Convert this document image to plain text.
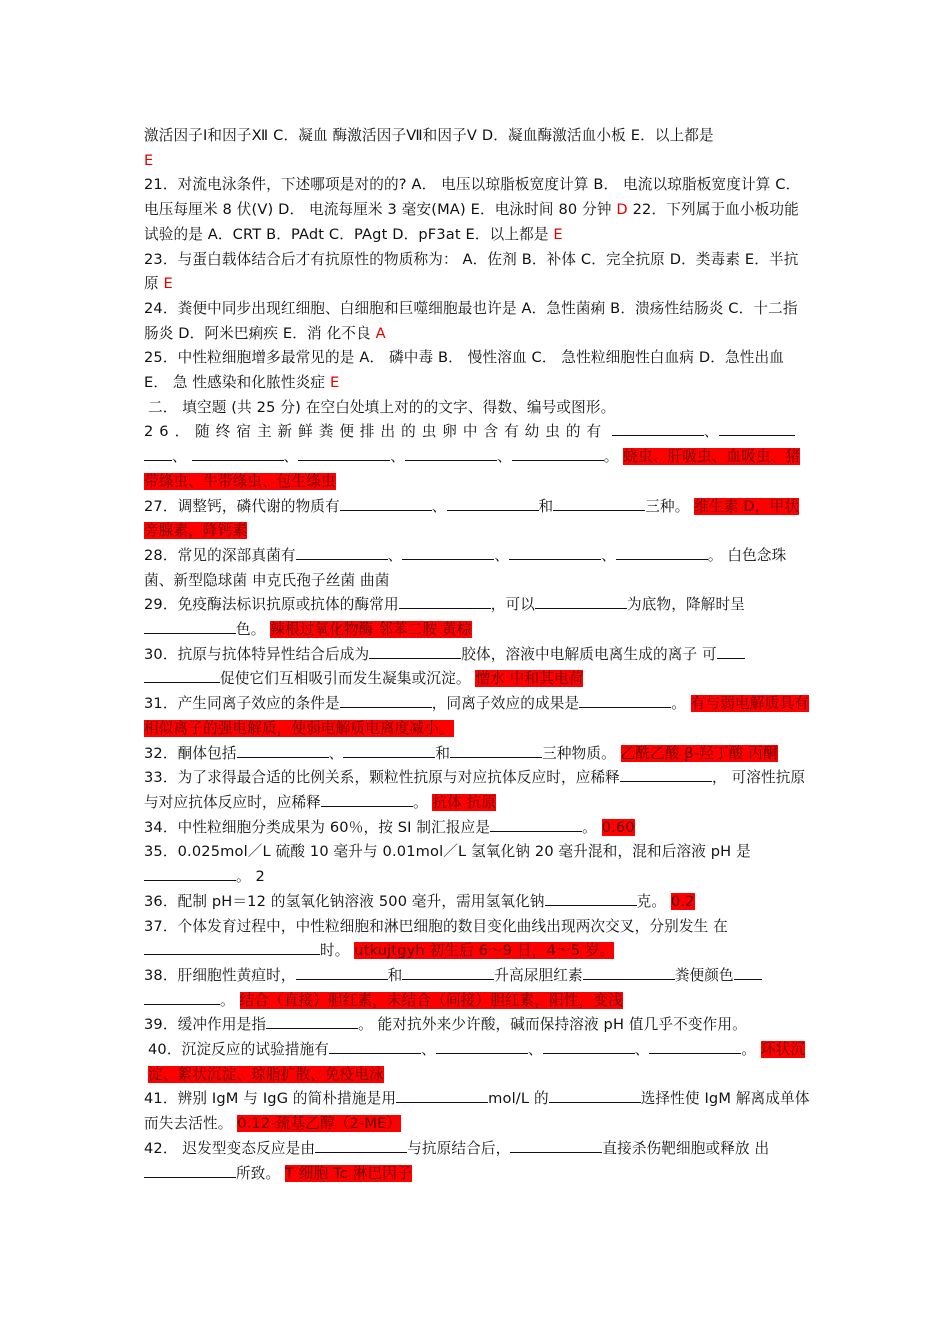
激活因子Ⅰ和因子Ⅻ C．凝血 酶激活因子Ⅶ和因子Ⅴ D．凝血酶激活血小板 E．以上都是
E

21．对流电泳条件，下述哪项是对的的? A． 电压以琼脂板宽度计算 B． 电流以琼脂板宽度计算 C． 电压每厘米 8 伏(V) D． 电流每厘米 3 毫安(MA) E．电泳时间 80 分钟 D 22．下列属于血小板功能试验的是 A．CRT B．PAdt C．PAgt D．pF3at E．以上都是 E

23．与蛋白载体结合后才有抗原性的物质称为： A．佐剂 B．补体 C．完全抗原 D．类毒素 E．半抗原 E

24．粪便中同步出现红细胞、白细胞和巨噬细胞最也许是 A．急性菌痢 B．溃疡性结肠炎 C．十二指肠炎 D．阿米巴痢疾 E．消 化不良 A

25．中性粒细胞增多最常见的是 A． 磷中毒 B． 慢性溶血 C． 急性粒细胞性白血病 D．急性出血 E． 急 性感染和化脓性炎症 E

二． 填空题 (共 25 分) 在空白处填上对的的文字、得数、编号或图形。

26．随终宿主新鲜粪便排出的虫卵中含有幼虫的有	、 、	、	、	、	。 蛲虫、肝吸虫、血吸虫、猪带绦虫、牛带绦虫、包生绦虫

27．调整钙，磷代谢的物质有	、	和	三种。 维生素 D，甲状旁腺素，降钙素

28．常见的深部真菌有	、	、	、	。 白色念珠菌、新型隐球菌 申克氏孢子丝菌 曲菌

29．免疫酶法标识抗原或抗体的酶常用	，可以	为底物，降解时呈 色。 辣根过氧化物酶 邻苯二胺 黄棕

30．抗原与抗体特异性结合后成为	胶体，溶液中电解质电离生成的离子 可 促使它们互相吸引而发生凝集或沉淀。 憎水 中和其电荷

31．产生同离子效应的条件是	，同离子效应的成果是	。 有与弱电解质具有相似离子的强电解质，使弱电解质电离度减小。

32．酮体包括	、	和	三种物质。 乙酰乙酸 β-羟丁酸 丙酮

33．为了求得最合适的比例关系，颗粒性抗原与对应抗体反应时，应稀释	， 可溶性抗原与对应抗体反应时，应稀释	。 抗体 抗原

34．中性粒细胞分类成果为 60％，按 SI 制汇报应是	。 0.60

35．0.025mol／L 硫酸 10 毫升与 0.01mol／L 氢氧化钠 20 毫升混和，混和后溶液 pH 是 。 2

36．配制 pH＝12 的氢氧化钠溶液 500 毫升，需用氢氧化钠	克。 0.2

37．个体发育过程中，中性粒细胞和淋巴细胞的数目变化曲线出现两次交叉，分别发生 在 时。 utkujtgyh 初生后 6～9 日，4～5 岁。

38．肝细胞性黄疸时，	和	升高尿胆红素	粪便颜色 。 结合（直接）胆红素，未结合（间接）胆红素，阳性，变浅

39．缓冲作用是指	。 能对抗外来少许酸，碱而保持溶液 pH 值几乎不变作用。

40．沉淀反应的试验措施有	、	、	、	。 环状沉淀、絮状沉淀、琼脂扩散、免疫电泳

41．辨别 IgM 与 IgG 的简朴措施是用	mol/L 的	选择性使 IgM 解离成单体而失去活性。 0.12-巯基乙醇（2-ME）

42． 迟发型变态反应是由	与抗原结合后，	直接杀伤靶细胞或释放 出所致。 T 细胞 Tc 淋巴因子
